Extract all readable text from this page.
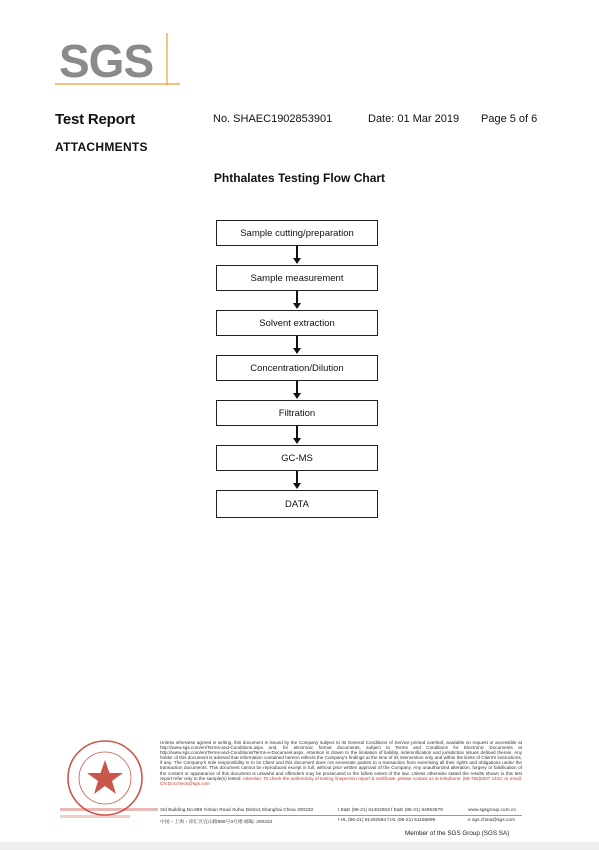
SGS
Test Report	No. SHAEC1902853901	Date: 01 Mar 2019 Page 5 of 6
ATTACHMENTS
Phthalates Testing Flow Chart
Sample cutting/preparation
Sample measurement
Solvent extraction
Concentration/Dilution
Filtration
GC-MS
DATA
Unless otherwise agreed in writing, this document is issued by the Company subject to its General Conditions of Service printed overleaf, available on request or accessible at http://www.sgs.com/en/Terms-and-Conditions.aspx and, for electronic format documents, subject to Terms and Conditions for Electronic Documents at http://www.sgs.com/en/Terms-and-Conditions/Terms-e-Document.aspx. Attention is drawn to the limitation of liability, indemnification and jurisdiction issues defined therein. Any holder of this document is advised that information contained hereon reflects the Company's findings at the time of its intervention only and within the limits of Client's instructions, if any. The Company's sole responsibility is to its Client and this document does not exonerate parties to a transaction from exercising all their rights and obligations under the transaction documents. This document cannot be reproduced except in full, without prior written approval of the Company. Any unauthorized alteration, forgery or falsification of the content or appearance of this document is unlawful and offenders may be prosecuted to the fullest extent of the law. Unless otherwise stated the results shown in this test report refer only to the sample(s) tested. Attention: To check the authenticity of testing /inspection report & certificate, please contact us at telephone: (86-755)8307 1443, or email: CN.Doccheck@sgs.com
3rd Building,No.889 Yishan Road Xuhui District,Shanghai China 200233	t E&E (86-21) 61402553 f E&E (86-21) 64953679	www.sgsgroup.com.cn
中国・上海・徐汇区宜山路889号3号楼 邮编: 200233	t HL (86-21) 61402594 f HL (86-21) 61156899	e sgs.china@sgs.com
Member of the SGS Group (SGS SA)
